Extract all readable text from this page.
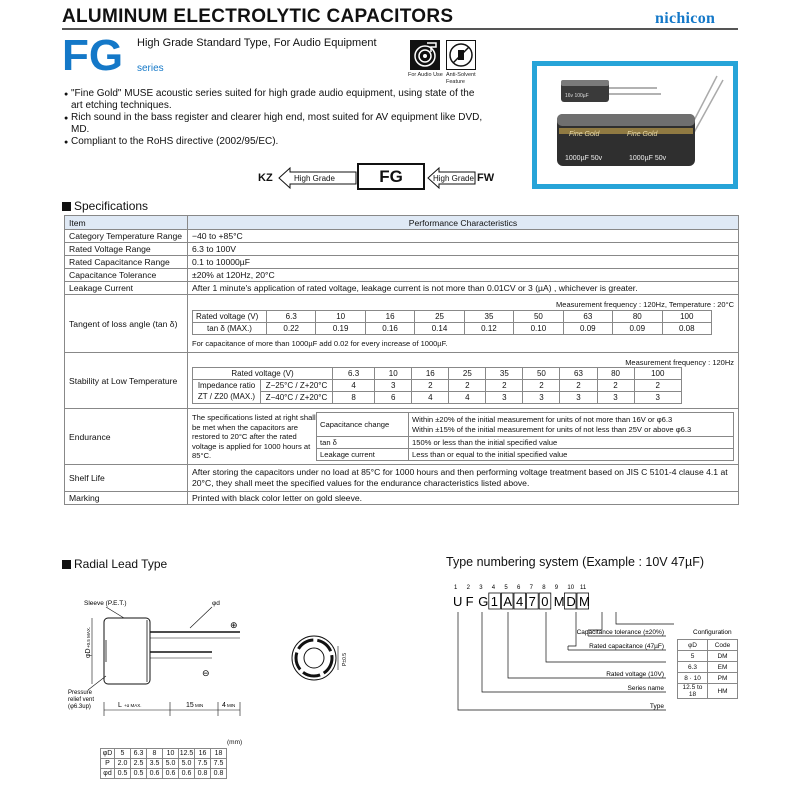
ALUMINUM ELECTROLYTIC CAPACITORS	nichicon
FG series
High Grade Standard Type, For Audio Equipment
For Audio Use Anti-Solvent
Feature
● "Fine Gold" MUSE acoustic series suited for high grade audio equipment, using state of the art etching techniques.
● Rich sound in the bass register and clearer high end, most suited for AV equipment like DVD, MD.
● Compliant to the RoHS directive (2002/95/EC).
16v 100µF
Fine Gold	Fine Gold
1000µF 50v	1000µF 50v
KZ	High Grade	FG	High Grade FW
Specifications
Item	Performance Characteristics
Category Temperature Range	−40 to +85°C
Rated Voltage Range	6.3 to 100V
Rated Capacitance Range	0.1 to 10000µF
Capacitance Tolerance	±20% at 120Hz, 20°C
Leakage Current	After 1 minute's application of rated voltage, leakage current is not more than 0.01CV or 3 (µA) , whichever is greater.
Tangent of loss angle (tan δ)	
Measurement frequency : 120Hz, Temperature : 20°C
Rated voltage (V)	6.3	10	16	25	35	50	63	80	100
tan δ (MAX.)	0.22	0.19	0.16	0.14	0.12	0.10	0.09	0.09	0.08
For capacitance of more than 1000µF add 0.02 for every increase of 1000µF.

Stability at Low Temperature	
Measurement frequency : 120Hz
Rated voltage (V)	6.3	10	16	25	35	50	63	80	100
Impedance ratio
ZT / Z20 (MAX.)	Z−25°C / Z+20°C	4	3	2	2	2	2	2	2	2
Z−40°C / Z+20°C	8	6	4	4	3	3	3	3	3

Endurance	
The specifications listed at right shall be met when the capacitors are restored to 20°C after the rated voltage is applied for 1000 hours at 85°C.
Capacitance change	Within ±20% of the initial measurement for units of not more than 16V or φ6.3
Within ±15% of the initial measurement for units of not less than 25V or above φ6.3
tan δ	150% or less than the initial specified value
Leakage current	Less than or equal to the initial specified value

Shelf Life	After storing the capacitors under no load at 85°C for 1000 hours and then performing voltage treatment based on JIS C 5101-4 clause 4.1 at 20°C, they shall meet the specified values for the endurance characteristics listed above.
Marking	Printed with black color letter on gold sleeve.
Radial Lead Type
Sleeve (P.E.T.)	φd
⊕
⊖
φD
+0.5 MAX.
Pressure
relief vent
(φ6.3up)	L +α MAX.	15 MIN	4 MIN
P±0.5
(mm)
φD	5	6.3	8	10	12.5	16	18
P	2.0	2.5	3.5	5.0	5.0	7.5	7.5
φd	0.5	0.5	0.6	0.6	0.6	0.8	0.8
Type numbering system (Example : 10V 47µF)
1
U
2
F
3
G
4
1
5
A
6
4
7
7
8
0
9
M
10
D
11
M
Capacitance tolerance (±20%)
Rated capacitance (47µF)
Rated voltage (10V)
Series name
Type
Configuration
φD	Code
5	DM
6.3	EM
8 · 10	PM
12.5 to 18	HM
